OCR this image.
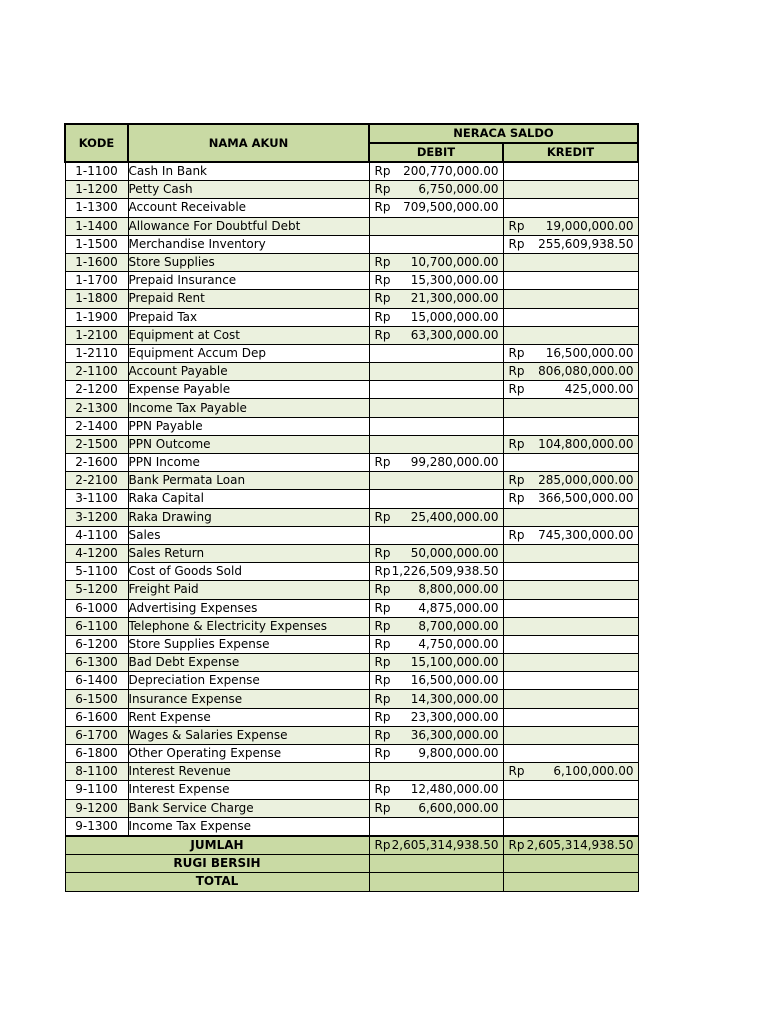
KODE	NAMA AKUN	NERACA SALDO	
		DEBIT	KREDIT
1-1100	Cash In Bank	Rp 200,770,000.00	

1-1200	Petty Cash	Rp 6,750,000.00	

1-1300	Account Receivable	Rp 709,500,000.00	

1-1400	Allowance For Doubtful Debt		Rp 19,000,000.00

1-1500	Merchandise Inventory		Rp 255,609,938.50

1-1600	Store Supplies	Rp 10,700,000.00	

1-1700	Prepaid Insurance	Rp 15,300,000.00	

1-1800	Prepaid Rent	Rp 21,300,000.00	

1-1900	Prepaid Tax	Rp 15,000,000.00	

1-2100	Equipment at Cost	Rp 63,300,000.00	

1-2110	Equipment Accum Dep		Rp 16,500,000.00

2-1100	Account Payable		Rp 806,080,000.00

2-1200	Expense Payable		Rp 425,000.00

2-1300	Income Tax Payable		
2-1400	PPN Payable		
2-1500	PPN Outcome		Rp 104,800,000.00

2-1600	PPN Income	Rp 99,280,000.00	

2-2100	Bank Permata Loan		Rp 285,000,000.00

3-1100	Raka Capital		Rp 366,500,000.00

3-1200	Raka Drawing	Rp 25,400,000.00	

4-1100	Sales		Rp 745,300,000.00

4-1200	Sales Return	Rp 50,000,000.00	

5-1100	Cost of Goods Sold	Rp 1,226,509,938.50	

5-1200	Freight Paid	Rp 8,800,000.00	

6-1000	Advertising Expenses	Rp 4,875,000.00	

6-1100	Telephone & Electricity Expenses	Rp 8,700,000.00	

6-1200	Store Supplies Expense	Rp 4,750,000.00	

6-1300	Bad Debt Expense	Rp 15,100,000.00	

6-1400	Depreciation Expense	Rp 16,500,000.00	

6-1500	Insurance Expense	Rp 14,300,000.00	

6-1600	Rent Expense	Rp 23,300,000.00	

6-1700	Wages & Salaries Expense	Rp 36,300,000.00	

6-1800	Other Operating Expense	Rp 9,800,000.00	

8-1100	Interest Revenue		Rp 6,100,000.00

9-1100	Interest Expense	Rp 12,480,000.00	

9-1200	Bank Service Charge	Rp 6,600,000.00	

9-1300	Income Tax Expense		
JUMLAH		Rp 2,605,314,938.50	Rp 2,605,314,938.50

RUGI BERSIH			
TOTAL			
